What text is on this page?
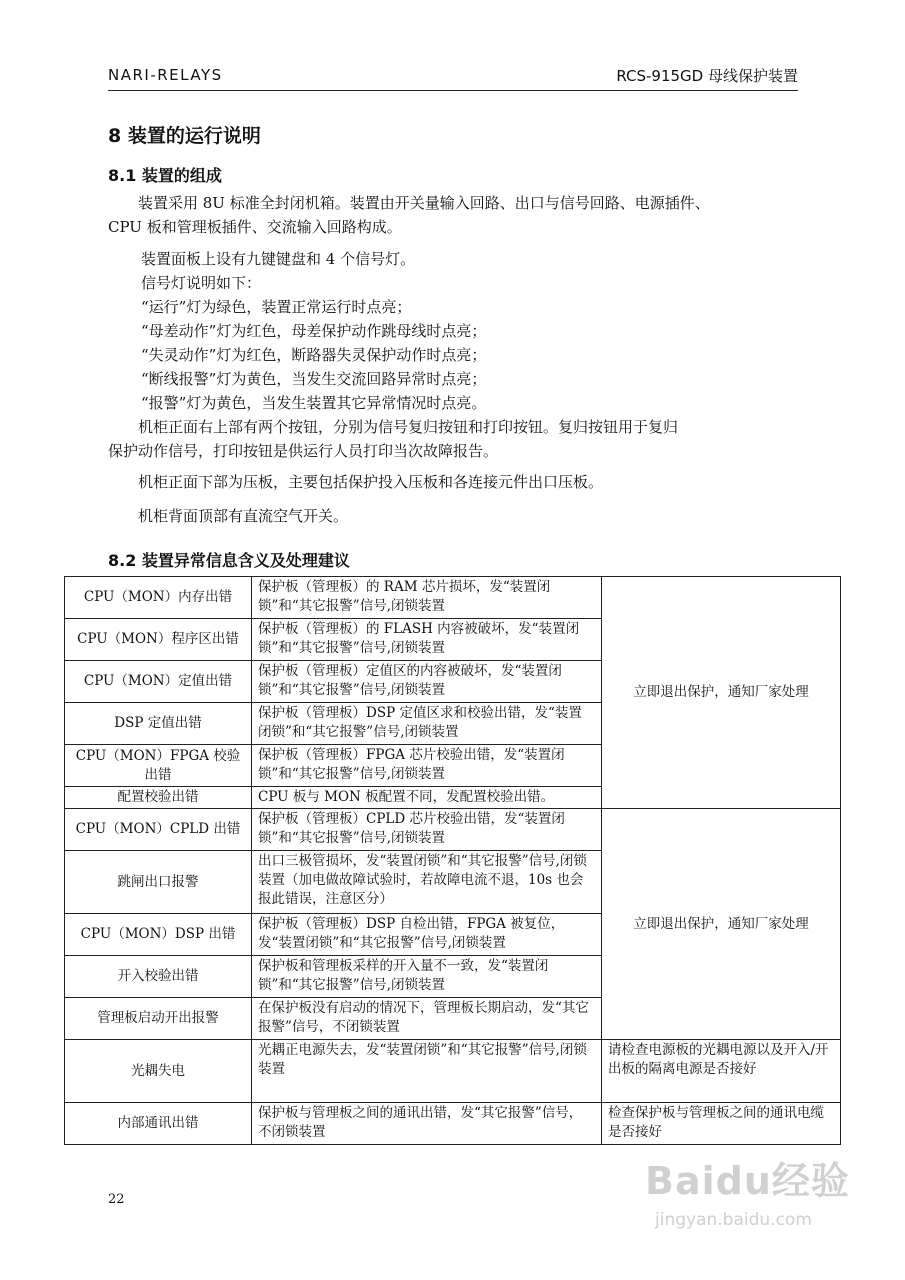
NARI-RELAYS	RCS-915GD 母线保护装置
8 装置的运行说明
8.1 装置的组成
装置采用 8U 标准全封闭机箱。装置由开关量输入回路、出口与信号回路、电源插件、
CPU 板和管理板插件、交流输入回路构成。
装置面板上设有九键键盘和 4 个信号灯。
信号灯说明如下：
“运行”灯为绿色，装置正常运行时点亮；
“母差动作”灯为红色，母差保护动作跳母线时点亮；
“失灵动作”灯为红色，断路器失灵保护动作时点亮；
“断线报警”灯为黄色，当发生交流回路异常时点亮；
“报警”灯为黄色，当发生装置其它异常情况时点亮。
机柜正面右上部有两个按钮，分别为信号复归按钮和打印按钮。复归按钮用于复归
保护动作信号，打印按钮是供运行人员打印当次故障报告。
机柜正面下部为压板，主要包括保护投入压板和各连接元件出口压板。
机柜背面顶部有直流空气开关。
8.2 装置异常信息含义及处理建议
CPU（MON）内存出错	保护板（管理板）的 RAM 芯片损坏，发“装置闭锁”和“其它报警”信号,闭锁装置	立即退出保护，通知厂家处理
CPU（MON）程序区出错	保护板（管理板）的 FLASH 内容被破坏，发“装置闭锁”和“其它报警”信号,闭锁装置	
CPU（MON）定值出错	保护板（管理板）定值区的内容被破坏，发“装置闭锁”和“其它报警”信号,闭锁装置	
DSP 定值出错	保护板（管理板）DSP 定值区求和校验出错，发“装置闭锁”和“其它报警”信号,闭锁装置	
CPU（MON）FPGA 校验出错	保护板（管理板）FPGA 芯片校验出错，发“装置闭锁”和“其它报警”信号,闭锁装置	
配置校验出错	CPU 板与 MON 板配置不同，发配置校验出错。	
CPU（MON）CPLD 出错	保护板（管理板）CPLD 芯片校验出错，发“装置闭锁”和“其它报警”信号,闭锁装置	立即退出保护，通知厂家处理
跳闸出口报警	出口三极管损坏，发“装置闭锁”和“其它报警”信号,闭锁装置（加电做故障试验时，若故障电流不退，10s 也会报此错误，注意区分）	
CPU（MON）DSP 出错	保护板（管理板）DSP 自检出错，FPGA 被复位，发“装置闭锁”和“其它报警”信号,闭锁装置	
开入校验出错	保护板和管理板采样的开入量不一致，发“装置闭锁”和“其它报警”信号,闭锁装置	
管理板启动开出报警	在保护板没有启动的情况下，管理板长期启动，发“其它报警”信号，不闭锁装置	
光耦失电	光耦正电源失去，发“装置闭锁”和“其它报警”信号,闭锁装置	请检查电源板的光耦电源以及开入/开出板的隔离电源是否接好
内部通讯出错	保护板与管理板之间的通讯出错，发“其它报警”信号，不闭锁装置	检查保护板与管理板之间的通讯电缆是否接好
22	Baidu经验
jingyan.baidu.com
